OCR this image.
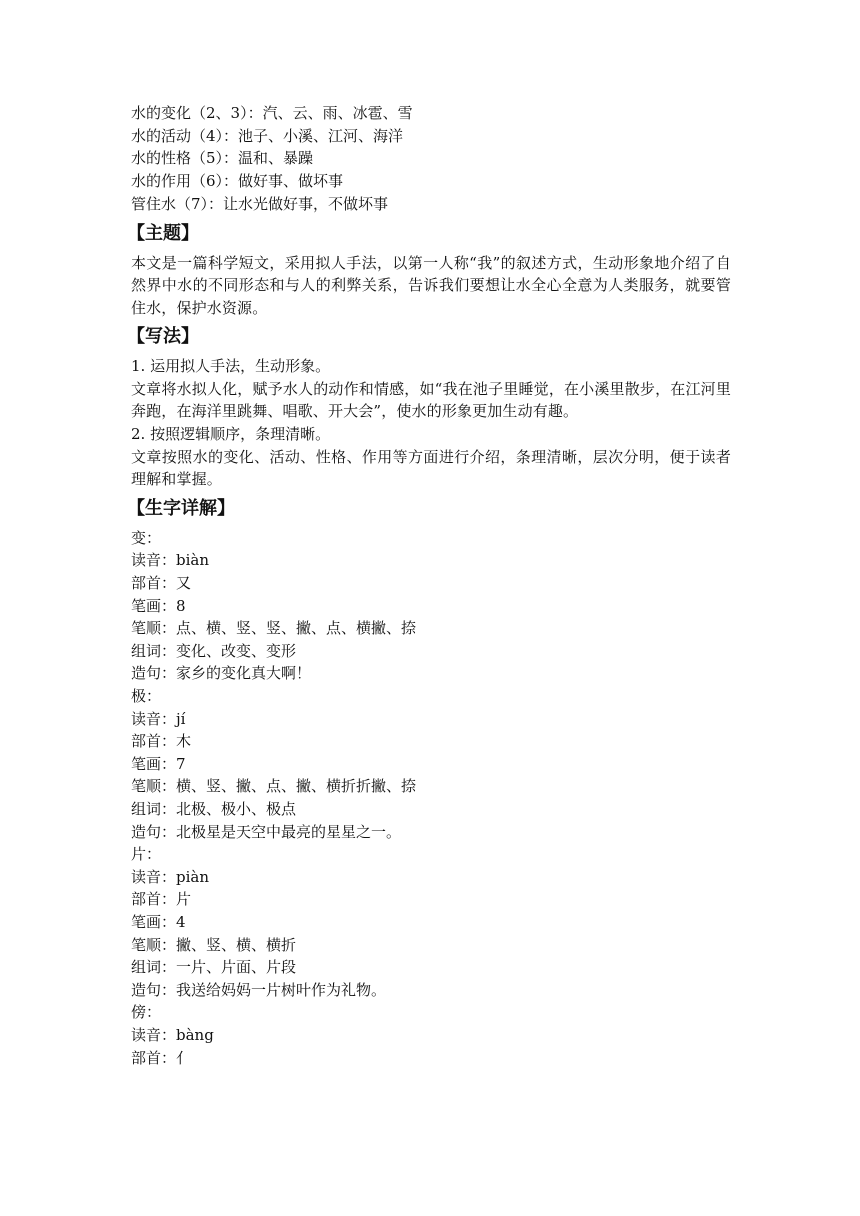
水的变化（2、3）：汽、云、雨、冰雹、雪
水的活动（4）：池子、小溪、江河、海洋
水的性格（5）：温和、暴躁
水的作用（6）：做好事、做坏事
管住水（7）：让水光做好事，不做坏事
【主题】
本文是一篇科学短文，采用拟人手法，以第一人称“我”的叙述方式，生动形象地介绍了自然界中水的不同形态和与人的利弊关系，告诉我们要想让水全心全意为人类服务，就要管住水，保护水资源。
【写法】
1. 运用拟人手法，生动形象。
文章将水拟人化，赋予水人的动作和情感，如“我在池子里睡觉，在小溪里散步，在江河里奔跑，在海洋里跳舞、唱歌、开大会”，使水的形象更加生动有趣。
2. 按照逻辑顺序，条理清晰。
文章按照水的变化、活动、性格、作用等方面进行介绍，条理清晰，层次分明，便于读者理解和掌握。
【生字详解】
变：
读音：biàn
部首：又
笔画：8
笔顺：点、横、竖、竖、撇、点、横撇、捺
组词：变化、改变、变形
造句：家乡的变化真大啊！
极：
读音：jí
部首：木
笔画：7
笔顺：横、竖、撇、点、撇、横折折撇、捺
组词：北极、极小、极点
造句：北极星是天空中最亮的星星之一。
片：
读音：piàn
部首：片
笔画：4
笔顺：撇、竖、横、横折
组词：一片、片面、片段
造句：我送给妈妈一片树叶作为礼物。
傍：
读音：bàng
部首：亻
